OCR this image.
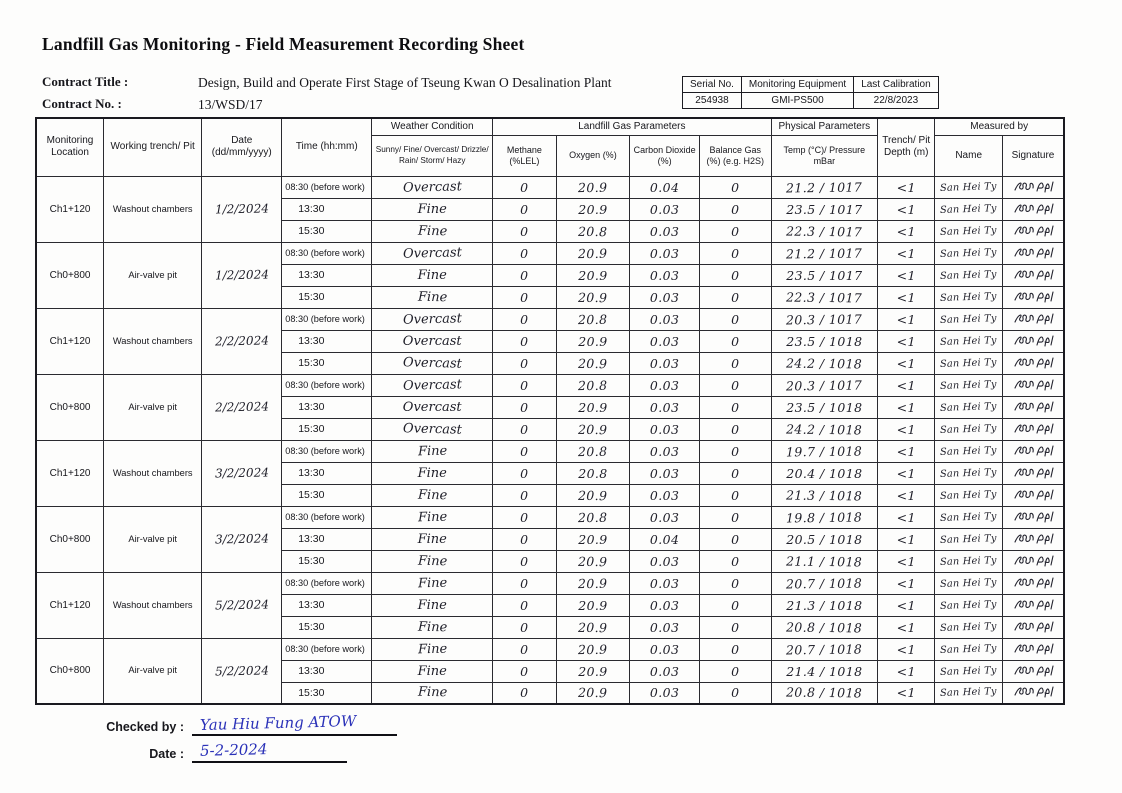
Landfill Gas Monitoring - Field Measurement Recording Sheet
Contract Title :	Design, Build and Operate First Stage of Tseung Kwan O Desalination Plant
Contract No. :	13/WSD/17
Serial No.	Monitoring Equipment	Last Calibration
254938	GMI-PS500	22/8/2023
Monitoring Location	Working trench/ Pit	Date (dd/mm/yyyy)	Time (hh:mm)	Weather Condition	Landfill Gas Parameters				Physical Parameters	Trench/ Pit Depth (m)	Measured by	
				Sunny/ Fine/ Overcast/ Drizzle/ Rain/ Storm/ Hazy	Methane (%LEL)	Oxygen (%)	Carbon Dioxide (%)	Balance Gas (%) (e.g. H2S)	Temp (°C)/ Pressure mBar		Name	Signature
Ch1+120	Washout chambers	1/2/2024	08:30 (before work)	Overcast	0	20.9	0.04	0	21.2 / 1017	<1	San Hei Ty	

			13:30	Fine	0	20.9	0.03	0	23.5 / 1017	<1	San Hei Ty	

			15:30	Fine	0	20.8	0.03	0	22.3 / 1017	<1	San Hei Ty	

Ch0+800	Air-valve pit	1/2/2024	08:30 (before work)	Overcast	0	20.9	0.03	0	21.2 / 1017	<1	San Hei Ty	

			13:30	Fine	0	20.9	0.03	0	23.5 / 1017	<1	San Hei Ty	

			15:30	Fine	0	20.9	0.03	0	22.3 / 1017	<1	San Hei Ty	

Ch1+120	Washout chambers	2/2/2024	08:30 (before work)	Overcast	0	20.8	0.03	0	20.3 / 1017	<1	San Hei Ty	

			13:30	Overcast	0	20.9	0.03	0	23.5 / 1018	<1	San Hei Ty	

			15:30	Overcast	0	20.9	0.03	0	24.2 / 1018	<1	San Hei Ty	

Ch0+800	Air-valve pit	2/2/2024	08:30 (before work)	Overcast	0	20.8	0.03	0	20.3 / 1017	<1	San Hei Ty	

			13:30	Overcast	0	20.9	0.03	0	23.5 / 1018	<1	San Hei Ty	

			15:30	Overcast	0	20.9	0.03	0	24.2 / 1018	<1	San Hei Ty	

Ch1+120	Washout chambers	3/2/2024	08:30 (before work)	Fine	0	20.8	0.03	0	19.7 / 1018	<1	San Hei Ty	

			13:30	Fine	0	20.8	0.03	0	20.4 / 1018	<1	San Hei Ty	

			15:30	Fine	0	20.9	0.03	0	21.3 / 1018	<1	San Hei Ty	

Ch0+800	Air-valve pit	3/2/2024	08:30 (before work)	Fine	0	20.8	0.03	0	19.8 / 1018	<1	San Hei Ty	

			13:30	Fine	0	20.9	0.04	0	20.5 / 1018	<1	San Hei Ty	

			15:30	Fine	0	20.9	0.03	0	21.1 / 1018	<1	San Hei Ty	

Ch1+120	Washout chambers	5/2/2024	08:30 (before work)	Fine	0	20.9	0.03	0	20.7 / 1018	<1	San Hei Ty	

			13:30	Fine	0	20.9	0.03	0	21.3 / 1018	<1	San Hei Ty	

			15:30	Fine	0	20.9	0.03	0	20.8 / 1018	<1	San Hei Ty	

Ch0+800	Air-valve pit	5/2/2024	08:30 (before work)	Fine	0	20.9	0.03	0	20.7 / 1018	<1	San Hei Ty	

			13:30	Fine	0	20.9	0.03	0	21.4 / 1018	<1	San Hei Ty	

			15:30	Fine	0	20.9	0.03	0	20.8 / 1018	<1	San Hei Ty	
Checked by :	Yau Hiu Fung ATOW
Date :	5-2-2024
